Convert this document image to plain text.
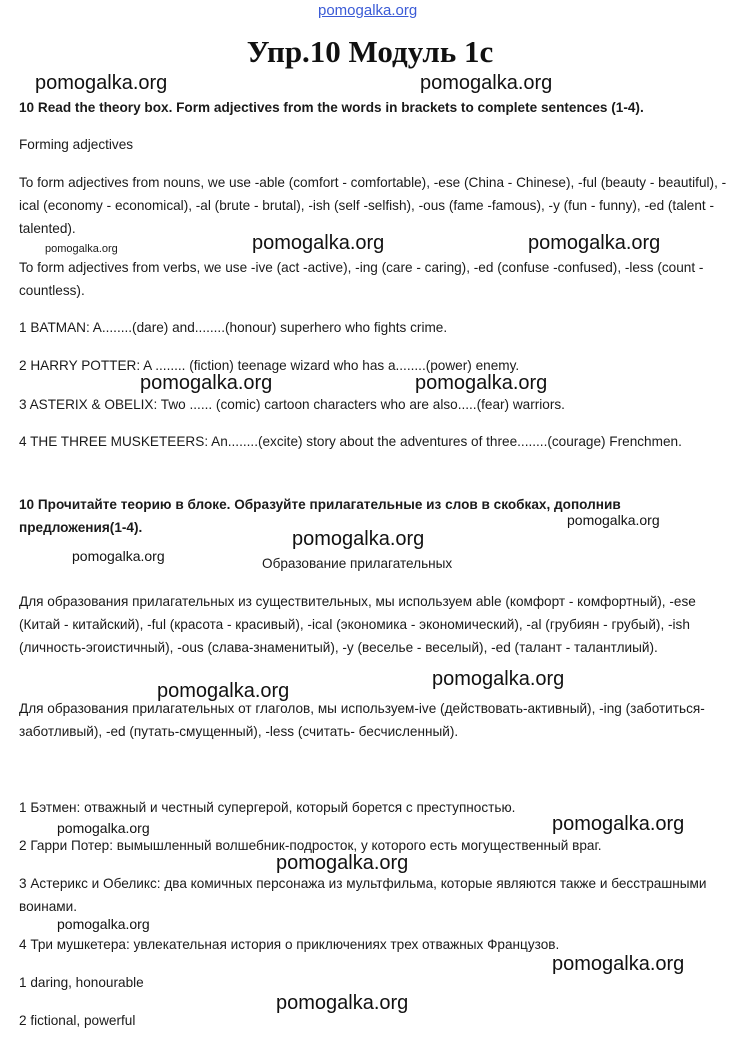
pomogalka.org
Упр.10 Модуль 1с
pomogalka.org	pomogalka.org
pomogalka.org	pomogalka.org
pomogalka.org	pomogalka.org
pomogalka.org
pomogalka.org
pomogalka.org
pomogalka.org
pomogalka.org
pomogalka.org
pomogalka.org
pomogalka.org
pomogalka.org
pomogalka.org
pomogalka.org
pomogalka.org
10 Read the theory box. Form adjectives from the words in brackets to complete sentences (1-4).
Forming adjectives
To form adjectives from nouns, we use -able (comfort - comfortable), -ese (China - Chinese), -ful (beauty - beautiful), -ical (economy - economical), -al (brute - brutal), -ish (self -selfish), -ous (fame -famous), -y (fun - funny), -ed (talent - talented).
To form adjectives from verbs, we use -ive (act -active), -ing (care - caring), -ed (confuse -confused), -less (count - countless).
1 BATMAN: A........(dare) and........(honour) superhero who fights crime.
2 HARRY POTTER: A ........ (fiction) teenage wizard who has a........(power) enemy.
3 ASTERIX & OBELIX: Two ...... (comic) cartoon characters who are also.....(fear) warriors.
4 THE THREE MUSKETEERS: An........(excite) story about the adventures of three........(courage) Frenchmen.
10 Прочитайте теорию в блоке. Образуйте прилагательные из слов в скобках, дополнив предложения(1-4).
Образование прилагательных
Для образования прилагательных из существительных, мы используем able (комфорт - комфортный), -ese (Китай - китайский), -ful (красота - красивый), -ical (экономика - экономический), -al (грубиян - грубый), -ish (личность-эгоистичный), -ous (слава-знаменитый), -y (веселье - веселый), -ed (талант - талантлиый).
Для образования прилагательных от глаголов, мы используем-ive (действовать-активный), -ing (заботиться- заботливый), -ed (путать-смущенный), -less (считать- бесчисленный).
1 Бэтмен: отважный и честный супергерой, который борется с преступностью.
2 Гарри Потер: вымышленный волшебник-подросток, у которого есть могущественный враг.
3 Астерикс и Обеликс: два комичных персонажа из мультфильма, которые являются также и бесстрашными воинами.
4 Три мушкетера: увлекательная история о приключениях трех отважных Французов.
1 daring, honourable
2 fictional, powerful
